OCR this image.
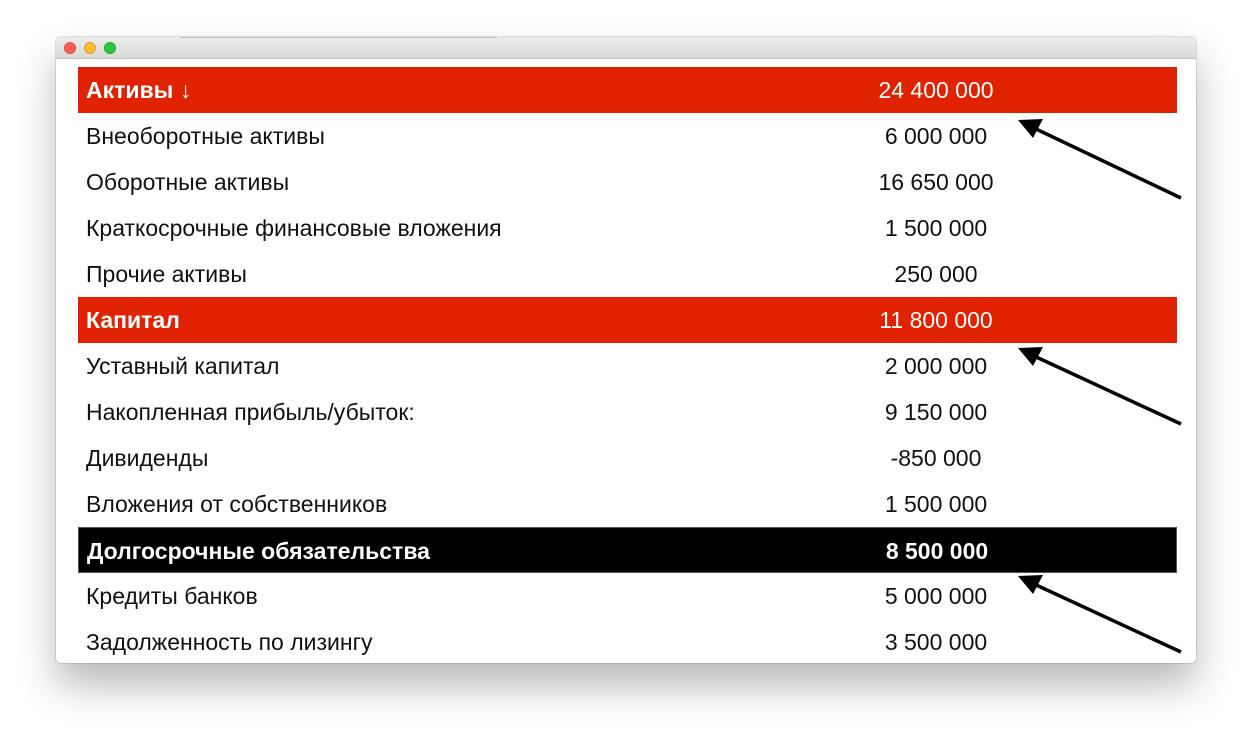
Активы ↓	24 400 000
Внеоборотные активы	6 000 000
Оборотные активы	16 650 000
Краткосрочные финансовые вложения	1 500 000
Прочие активы	250 000
Капитал	11 800 000
Уставный капитал	2 000 000
Накопленная прибыль/убыток:	9 150 000
Дивиденды	-850 000
Вложения от собственников	1 500 000
Долгосрочные обязательства	8 500 000
Кредиты банков	5 000 000
Задолженность по лизингу	3 500 000
